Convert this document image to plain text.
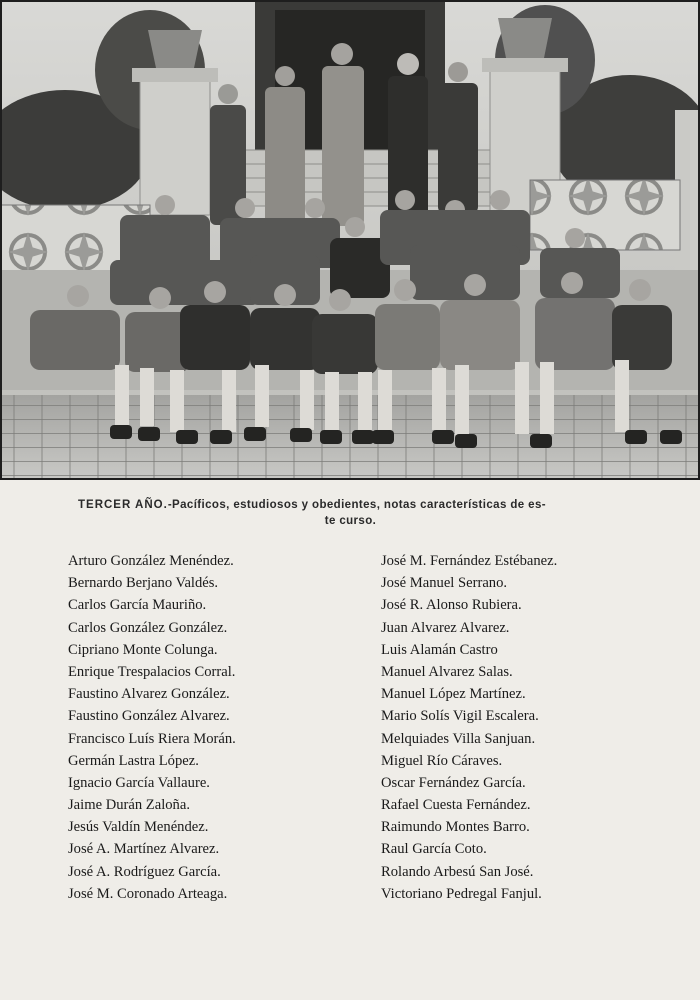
TERCER AÑO.-Pacíficos, estudiosos y obedientes, notas características de es-
te curso.
Arturo González Menéndez.
Bernardo Berjano Valdés.
Carlos García Mauriño.
Carlos González González.
Cipriano Monte Colunga.
Enrique Trespalacios Corral.
Faustino Alvarez González.
Faustino González Alvarez.
Francisco Luís Riera Morán.
Germán Lastra López.
Ignacio García Vallaure.
Jaime Durán Zaloña.
Jesús Valdín Menéndez.
José A. Martínez Alvarez.
José A. Rodríguez García.
José M. Coronado Arteaga.
José M. Fernández Estébanez.
José Manuel Serrano.
José R. Alonso Rubiera.
Juan Alvarez Alvarez.
Luis Alamán Castro
Manuel Alvarez Salas.
Manuel López Martínez.
Mario Solís Vigil Escalera.
Melquiades Villa Sanjuan.
Miguel Río Cáraves.
Oscar Fernández García.
Rafael Cuesta Fernández.
Raimundo Montes Barro.
Raul García Coto.
Rolando Arbesú San José.
Victoriano Pedregal Fanjul.
